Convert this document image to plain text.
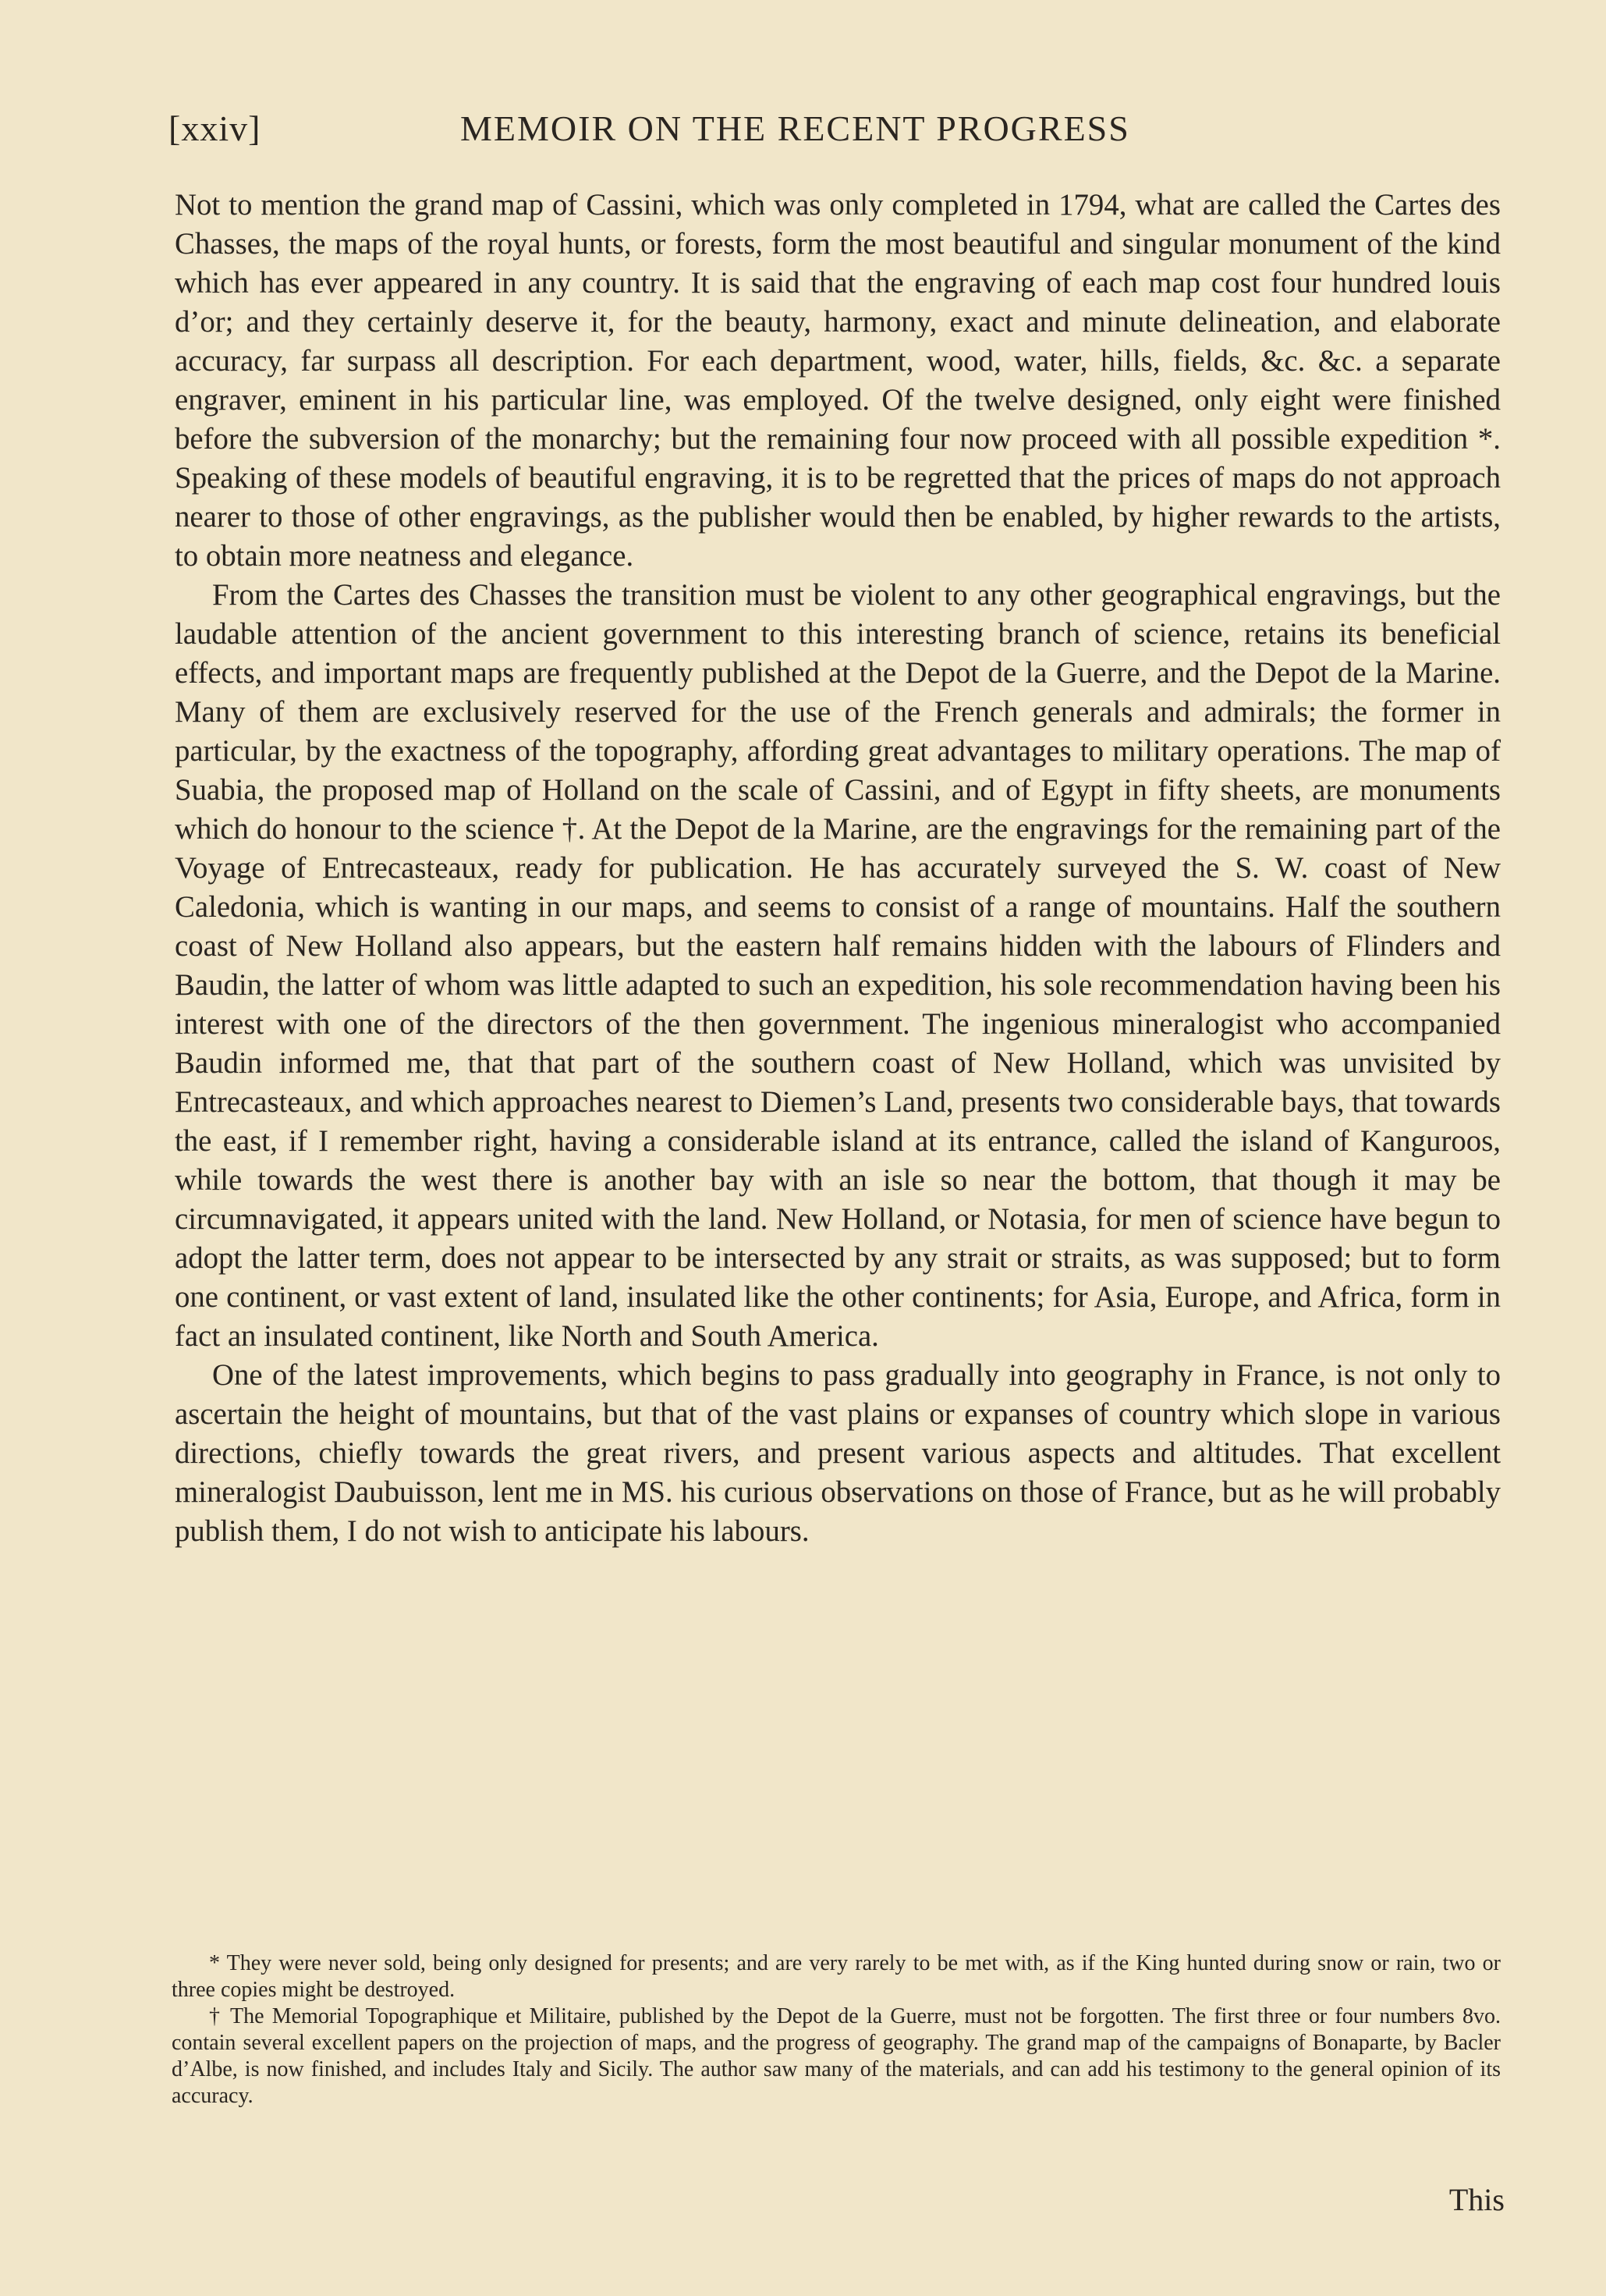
[xxiv]	MEMOIR ON THE RECENT PROGRESS

Not to mention the grand map of Cassini, which was only completed in 1794, what are called the Cartes des Chasses, the maps of the royal hunts, or forests, form the most beautiful and singular monument of the kind which has ever appeared in any country. It is said that the engraving of each map cost four hundred louis d’or; and they certainly deserve it, for the beauty, harmony, exact and minute delineation, and elaborate accuracy, far surpass all description. For each department, wood, water, hills, fields, &c. &c. a separate engraver, eminent in his particular line, was employed. Of the twelve designed, only eight were finished before the subversion of the monarchy; but the remaining four now proceed with all possible expedition *. Speaking of these models of beautiful engraving, it is to be regretted that the prices of maps do not approach nearer to those of other engravings, as the publisher would then be enabled, by higher rewards to the artists, to obtain more neatness and elegance.

From the Cartes des Chasses the transition must be violent to any other geographical engravings, but the laudable attention of the ancient government to this interesting branch of science, retains its beneficial effects, and important maps are frequently published at the Depot de la Guerre, and the Depot de la Marine. Many of them are exclusively reserved for the use of the French generals and admirals; the former in particular, by the exactness of the topography, affording great advantages to military operations. The map of Suabia, the proposed map of Holland on the scale of Cassini, and of Egypt in fifty sheets, are monuments which do honour to the science †. At the Depot de la Marine, are the engravings for the remaining part of the Voyage of Entrecasteaux, ready for publication. He has accurately surveyed the S. W. coast of New Caledonia, which is wanting in our maps, and seems to consist of a range of mountains. Half the southern coast of New Holland also appears, but the eastern half remains hidden with the labours of Flinders and Baudin, the latter of whom was little adapted to such an expedition, his sole recommendation having been his interest with one of the directors of the then government. The ingenious mineralogist who accompanied Baudin informed me, that that part of the southern coast of New Holland, which was unvisited by Entrecasteaux, and which approaches nearest to Diemen’s Land, presents two considerable bays, that towards the east, if I remember right, having a considerable island at its entrance, called the island of Kanguroos, while towards the west there is another bay with an isle so near the bottom, that though it may be circumnavigated, it appears united with the land. New Holland, or Notasia, for men of science have begun to adopt the latter term, does not appear to be intersected by any strait or straits, as was supposed; but to form one continent, or vast extent of land, insulated like the other continents; for Asia, Europe, and Africa, form in fact an insulated continent, like North and South America.

One of the latest improvements, which begins to pass gradually into geography in France, is not only to ascertain the height of mountains, but that of the vast plains or expanses of country which slope in various directions, chiefly towards the great rivers, and present various aspects and altitudes. That excellent mineralogist Daubuisson, lent me in MS. his curious observations on those of France, but as he will probably publish them, I do not wish to anticipate his labours.

* They were never sold, being only designed for presents; and are very rarely to be met with, as if the King hunted during snow or rain, two or three copies might be destroyed.

† The Memorial Topographique et Militaire, published by the Depot de la Guerre, must not be forgotten. The first three or four numbers 8vo. contain several excellent papers on the projection of maps, and the progress of geography. The grand map of the campaigns of Bonaparte, by Bacler d’Albe, is now finished, and includes Italy and Sicily. The author saw many of the materials, and can add his testimony to the general opinion of its accuracy.

This
